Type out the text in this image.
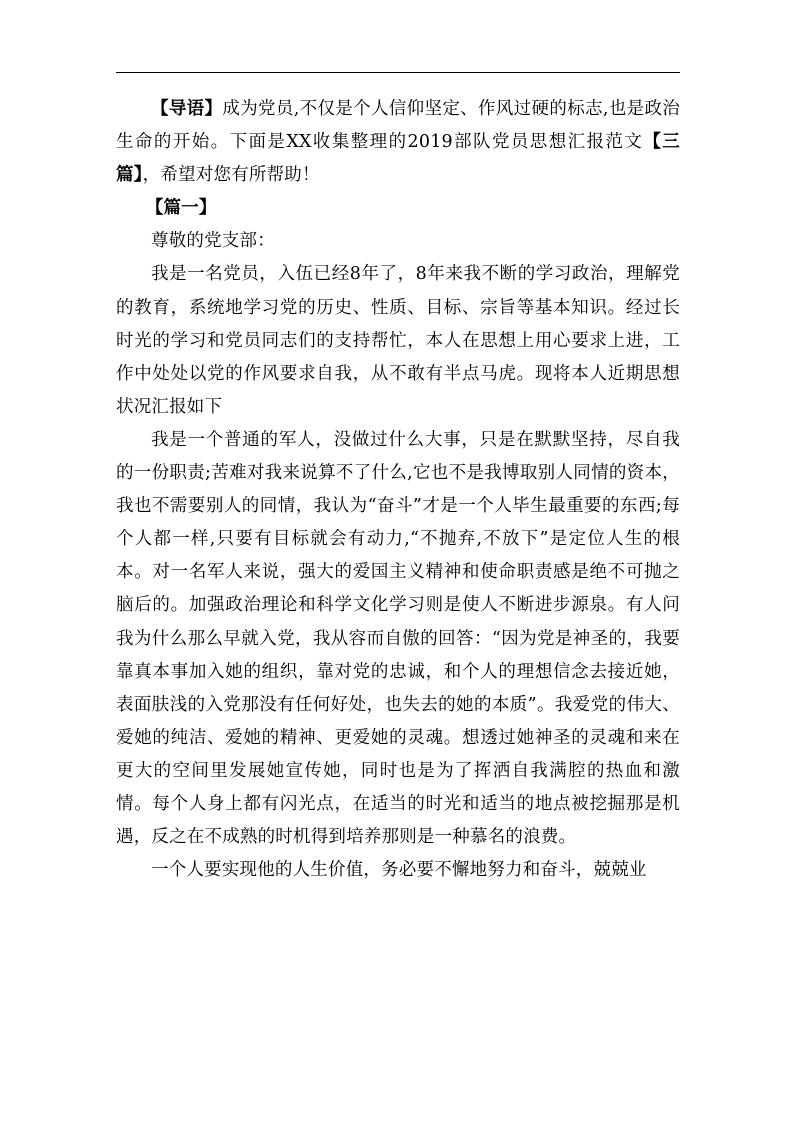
【导语】成为党员,不仅是个人信仰坚定、作风过硬的标志,也是政治生命的开始。下面是XX收集整理的2019部队党员思想汇报范文【三篇】，希望对您有所帮助！

【篇一】

尊敬的党支部：

我是一名党员，入伍已经8年了，8年来我不断的学习政治，理解党的教育，系统地学习党的历史、性质、目标、宗旨等基本知识。经过长时光的学习和党员同志们的支持帮忙，本人在思想上用心要求上进，工作中处处以党的作风要求自我，从不敢有半点马虎。现将本人近期思想状况汇报如下

我是一个普通的军人，没做过什么大事，只是在默默坚持，尽自我的一份职责;苦难对我来说算不了什么,它也不是我博取别人同情的资本，我也不需要别人的同情，我认为“奋斗”才是一个人毕生最重要的东西;每个人都一样,只要有目标就会有动力,“不抛弃,不放下”是定位人生的根本。对一名军人来说，强大的爱国主义精神和使命职责感是绝不可抛之脑后的。加强政治理论和科学文化学习则是使人不断进步源泉。有人问我为什么那么早就入党，我从容而自傲的回答：“因为党是神圣的，我要靠真本事加入她的组织，靠对党的忠诚，和个人的理想信念去接近她，表面肤浅的入党那没有任何好处，也失去的她的本质”。我爱党的伟大、爱她的纯洁、爱她的精神、更爱她的灵魂。想透过她神圣的灵魂和来在更大的空间里发展她宣传她，同时也是为了挥洒自我满腔的热血和激情。每个人身上都有闪光点，在适当的时光和适当的地点被挖掘那是机遇，反之在不成熟的时机得到培养那则是一种慕名的浪费。

一个人要实现他的人生价值，务必要不懈地努力和奋斗，兢兢业
